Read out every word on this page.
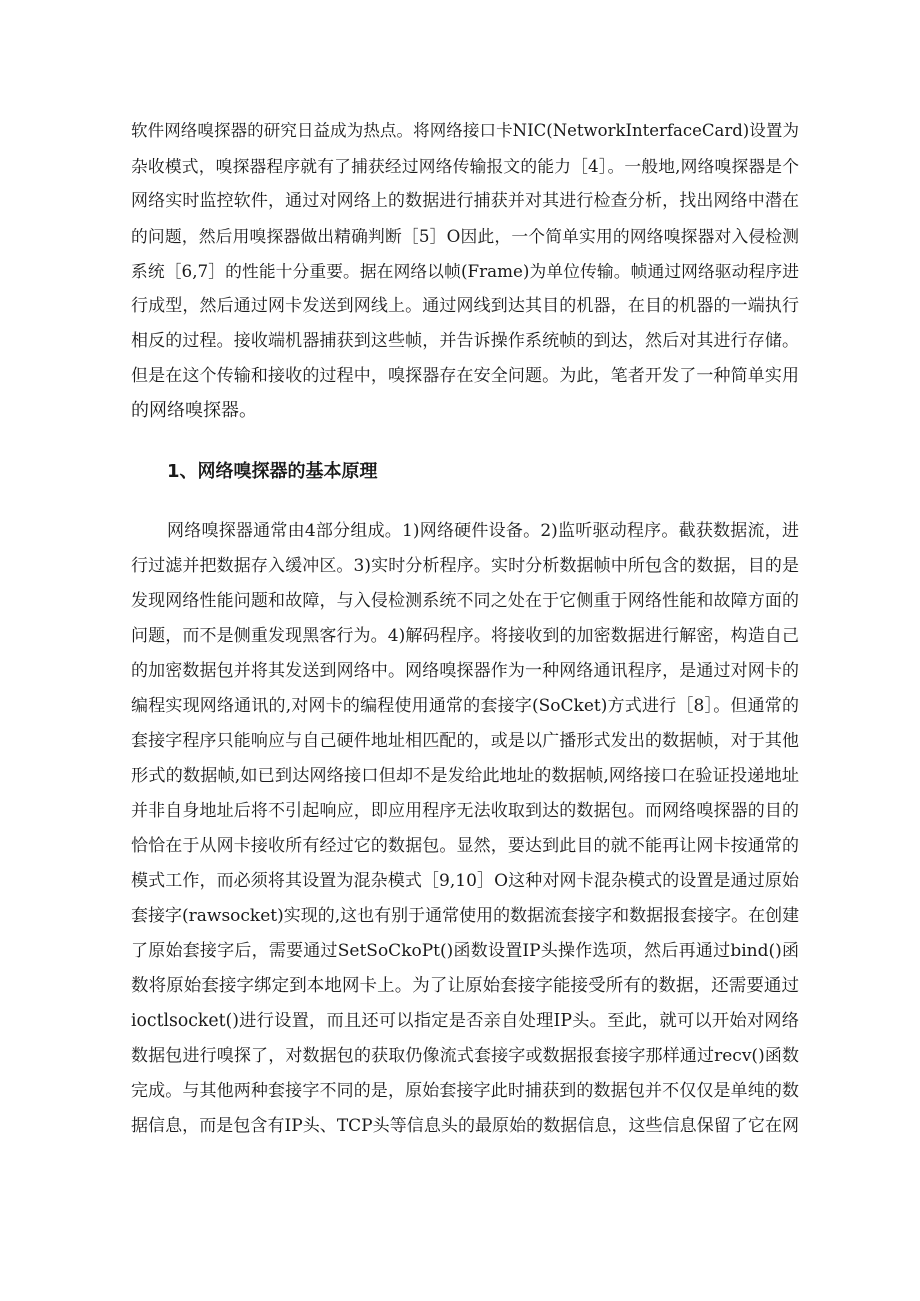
软件网络嗅探器的研究日益成为热点。将网络接口卡NIC(NetworkInterfaceCard)设置为
杂收模式，嗅探器程序就有了捕获经过网络传输报文的能力［4］。一般地,网络嗅探器是个
网络实时监控软件，通过对网络上的数据进行捕获并对其进行检查分析，找出网络中潜在
的问题，然后用嗅探器做出精确判断［5］O因此，一个简单实用的网络嗅探器对入侵检测
系统［6,7］的性能十分重要。据在网络以帧(Frame)为单位传输。帧通过网络驱动程序进
行成型，然后通过网卡发送到网线上。通过网线到达其目的机器，在目的机器的一端执行
相反的过程。接收端机器捕获到这些帧，并告诉操作系统帧的到达，然后对其进行存储。
但是在这个传输和接收的过程中，嗅探器存在安全问题。为此，笔者开发了一种简单实用
的网络嗅探器。
1、网络嗅探器的基本原理
网络嗅探器通常由4部分组成。1)网络硬件设备。2)监听驱动程序。截获数据流，进
行过滤并把数据存入缓冲区。3)实时分析程序。实时分析数据帧中所包含的数据，目的是
发现网络性能问题和故障，与入侵检测系统不同之处在于它侧重于网络性能和故障方面的
问题，而不是侧重发现黑客行为。4)解码程序。将接收到的加密数据进行解密，构造自己
的加密数据包并将其发送到网络中。网络嗅探器作为一种网络通讯程序，是通过对网卡的
编程实现网络通讯的,对网卡的编程使用通常的套接字(SoCket)方式进行［8］。但通常的
套接字程序只能响应与自己硬件地址相匹配的，或是以广播形式发出的数据帧，对于其他
形式的数据帧,如已到达网络接口但却不是发给此地址的数据帧,网络接口在验证投递地址
并非自身地址后将不引起响应，即应用程序无法收取到达的数据包。而网络嗅探器的目的
恰恰在于从网卡接收所有经过它的数据包。显然，要达到此目的就不能再让网卡按通常的
模式工作，而必须将其设置为混杂模式［9,10］O这种对网卡混杂模式的设置是通过原始
套接字(rawsocket)实现的,这也有别于通常使用的数据流套接字和数据报套接字。在创建
了原始套接字后，需要通过SetSoCkoPt()函数设置IP头操作选项，然后再通过bind()函
数将原始套接字绑定到本地网卡上。为了让原始套接字能接受所有的数据，还需要通过
ioctlsocket()进行设置，而且还可以指定是否亲自处理IP头。至此，就可以开始对网络
数据包进行嗅探了，对数据包的获取仍像流式套接字或数据报套接字那样通过recv()函数
完成。与其他两种套接字不同的是，原始套接字此时捕获到的数据包并不仅仅是单纯的数
据信息，而是包含有IP头、TCP头等信息头的最原始的数据信息，这些信息保留了它在网
